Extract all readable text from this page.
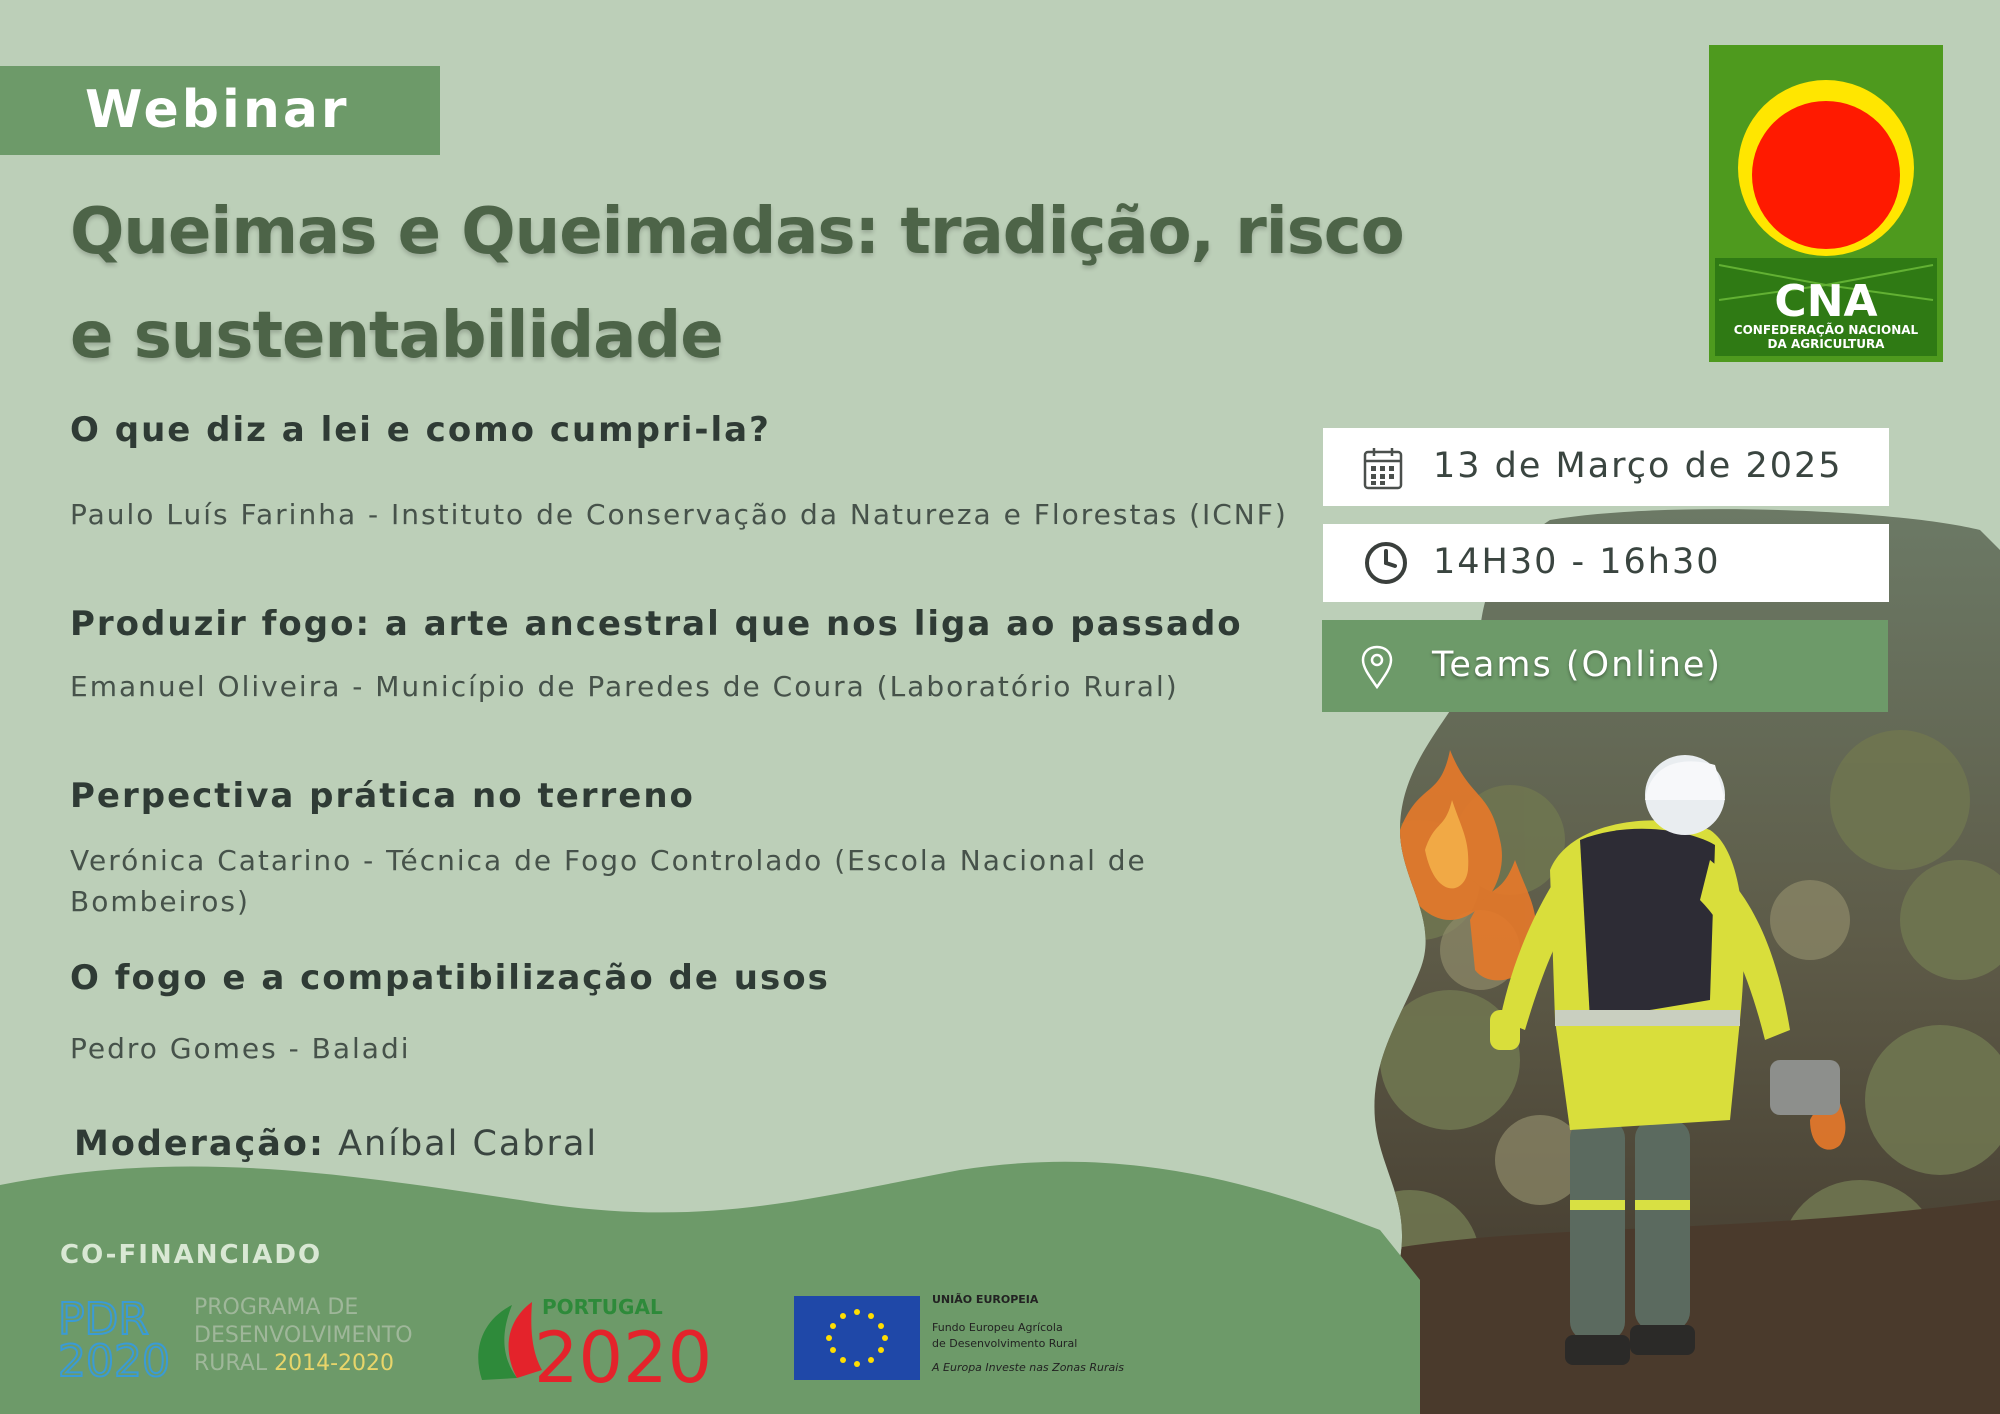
Webinar
Queimas e Queimadas: tradição, risco e sustentabilidade
O que diz a lei e como cumpri-la?
Paulo Luís Farinha - Instituto de Conservação da Natureza e Florestas (ICNF)
Produzir fogo: a arte ancestral que nos liga ao passado
Emanuel Oliveira - Município de Paredes de Coura (Laboratório Rural)
Perpectiva prática no terreno
Verónica Catarino - Técnica de Fogo Controlado (Escola Nacional de Bombeiros)
O fogo e a compatibilização de usos
Pedro Gomes - Baladi
Moderação: Aníbal Cabral
13 de Março de 2025
14H30 - 16h30
Teams (Online)
CNA
CONFEDERAÇÃO NACIONAL
DA AGRICULTURA
CO-FINANCIADO
PDR
2020
PROGRAMA DE
DESENVOLVIMENTO
RURAL 2014-2020
PORTUGAL
2020
UNIÃO EUROPEIA
Fundo Europeu Agrícola
de Desenvolvimento Rural
A Europa Investe nas Zonas Rurais
